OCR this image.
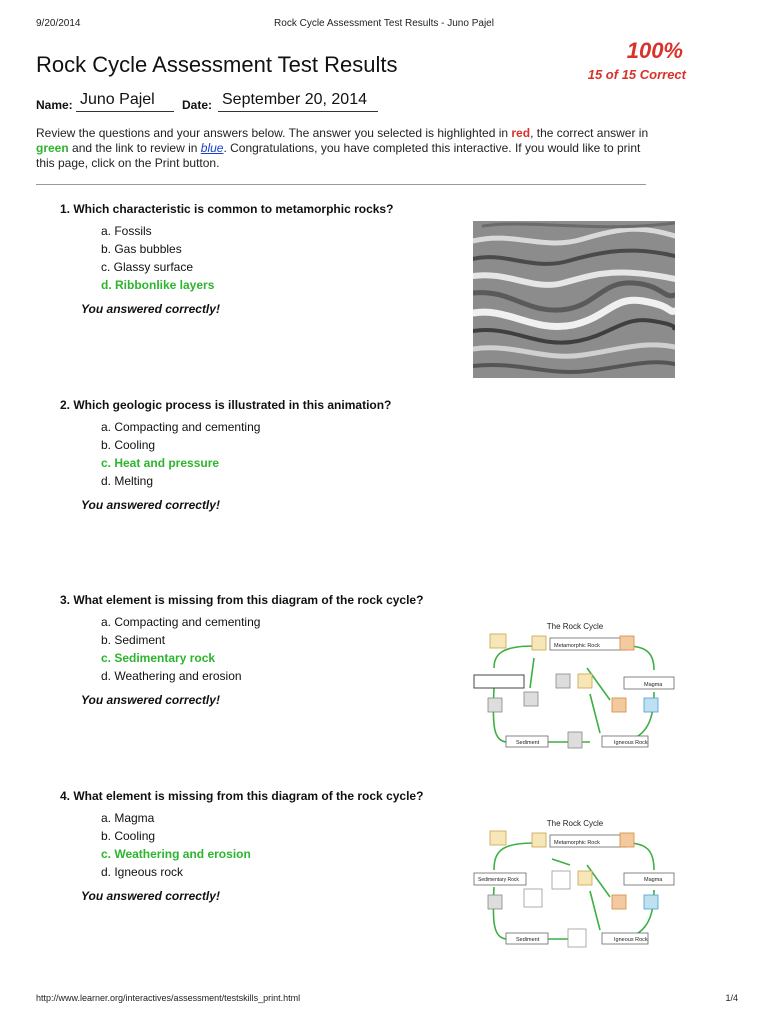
9/20/2014	Rock Cycle Assessment Test Results - Juno Pajel
Rock Cycle Assessment Test Results
100%
15 of 15 Correct
Name: Juno Pajel	Date: September 20, 2014
Review the questions and your answers below. The answer you selected is highlighted in red, the correct answer in green and the link to review in blue. Congratulations, you have completed this interactive. If you would like to print this page, click on the Print button.
1. Which characteristic is common to metamorphic rocks?
a. Fossils
b. Gas bubbles
c. Glassy surface
d. Ribbonlike layers
You answered correctly!
2. Which geologic process is illustrated in this animation?
a. Compacting and cementing
b. Cooling
c. Heat and pressure
d. Melting
You answered correctly!
3. What element is missing from this diagram of the rock cycle?
a. Compacting and cementing
b. Sediment
c. Sedimentary rock
d. Weathering and erosion
You answered correctly!
The Rock Cycle
Metamorphic Rock
Magma
Sediment	Igneous Rock
4. What element is missing from this diagram of the rock cycle?
a. Magma
b. Cooling
c. Weathering and erosion
d. Igneous rock
You answered correctly!
The Rock Cycle
Metamorphic Rock
Sedimentary Rock	Magma
Sediment	Igneous Rock
http://www.learner.org/interactives/assessment/testskills_print.html	1/4
